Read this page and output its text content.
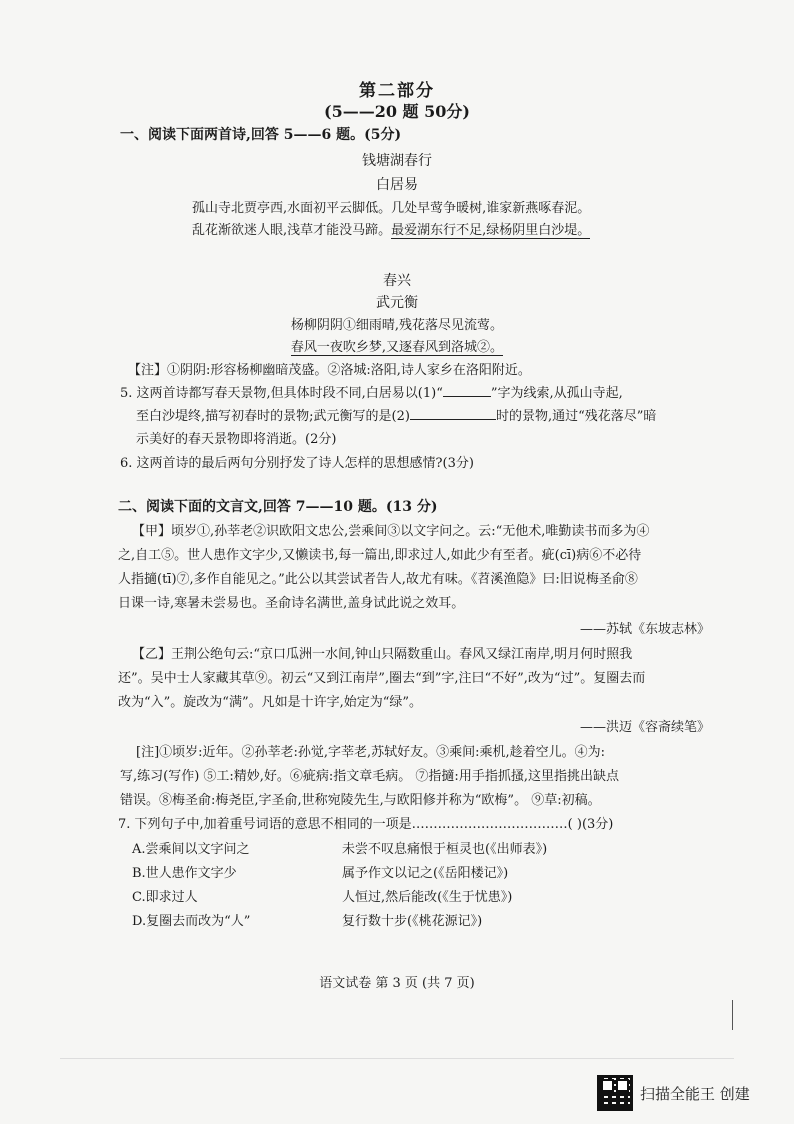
第二部分
(5——20 题 50分)
一、阅读下面两首诗,回答 5——6 题。(5分)
钱塘湖春行
白居易
孤山寺北贾亭西,水面初平云脚低。几处早莺争暖树,谁家新燕啄春泥。
乱花渐欲迷人眼,浅草才能没马蹄。最爱湖东行不足,绿杨阴里白沙堤。
春兴
武元衡
杨柳阴阴①细雨晴,残花落尽见流莺。
春风一夜吹乡梦,又逐春风到洛城②。
【注】①阴阴:形容杨柳幽暗茂盛。②洛城:洛阳,诗人家乡在洛阳附近。
5. 这两首诗都写春天景物,但具体时段不同,白居易以(1)“	”字为线索,从孤山寺起,
至白沙堤终,描写初春时的景物;武元衡写的是(2)	时的景物,通过“残花落尽”暗
示美好的春天景物即将消逝。(2分)
6. 这两首诗的最后两句分别抒发了诗人怎样的思想感情?(3分)
二、阅读下面的文言文,回答 7——10 题。(13 分)
【甲】顷岁①,孙莘老②识欧阳文忠公,尝乘间③以文字问之。云:“无他术,唯勤读书而多为④
之,自工⑤。世人患作文字少,又懒读书,每一篇出,即求过人,如此少有至者。疵(cī)病⑥不必待
人指擿(tī)⑦,多作自能见之。”此公以其尝试者告人,故尤有味。《苕溪渔隐》曰:旧说梅圣俞⑧
日课一诗,寒暑未尝易也。圣俞诗名满世,盖身试此说之效耳。
——苏轼《东坡志林》
【乙】王荆公绝句云:“京口瓜洲一水间,钟山只隔数重山。春风又绿江南岸,明月何时照我
还”。吴中士人家藏其草⑨。初云“又到江南岸”,圈去“到”字,注曰“不好”,改为“过”。复圈去而
改为“入”。旋改为“满”。凡如是十许字,始定为“绿”。
——洪迈《容斋续笔》
[注]①顷岁:近年。②孙莘老:孙觉,字莘老,苏轼好友。③乘间:乘机,趁着空儿。④为:
写,练习(写作) ⑤工:精妙,好。⑥疵病:指文章毛病。 ⑦指擿:用手指抓搔,这里指挑出缺点
错误。⑧梅圣俞:梅尧臣,字圣俞,世称宛陵先生,与欧阳修并称为“欧梅”。 ⑨草:初稿。
7. 下列句子中,加着重号词语的意思不相同的一项是………………………………( )(3分)
A.尝乘间以文字问之	未尝不叹息痛恨于桓灵也(《出师表》)
B.世人患作文字少	属予作文以记之(《岳阳楼记》)
C.即求过人	人恒过,然后能改(《生于忧患》)
D.复圈去而改为“人”	复行数十步(《桃花源记》)
语文试卷 第 3 页 (共 7 页)
扫描全能王 创建
